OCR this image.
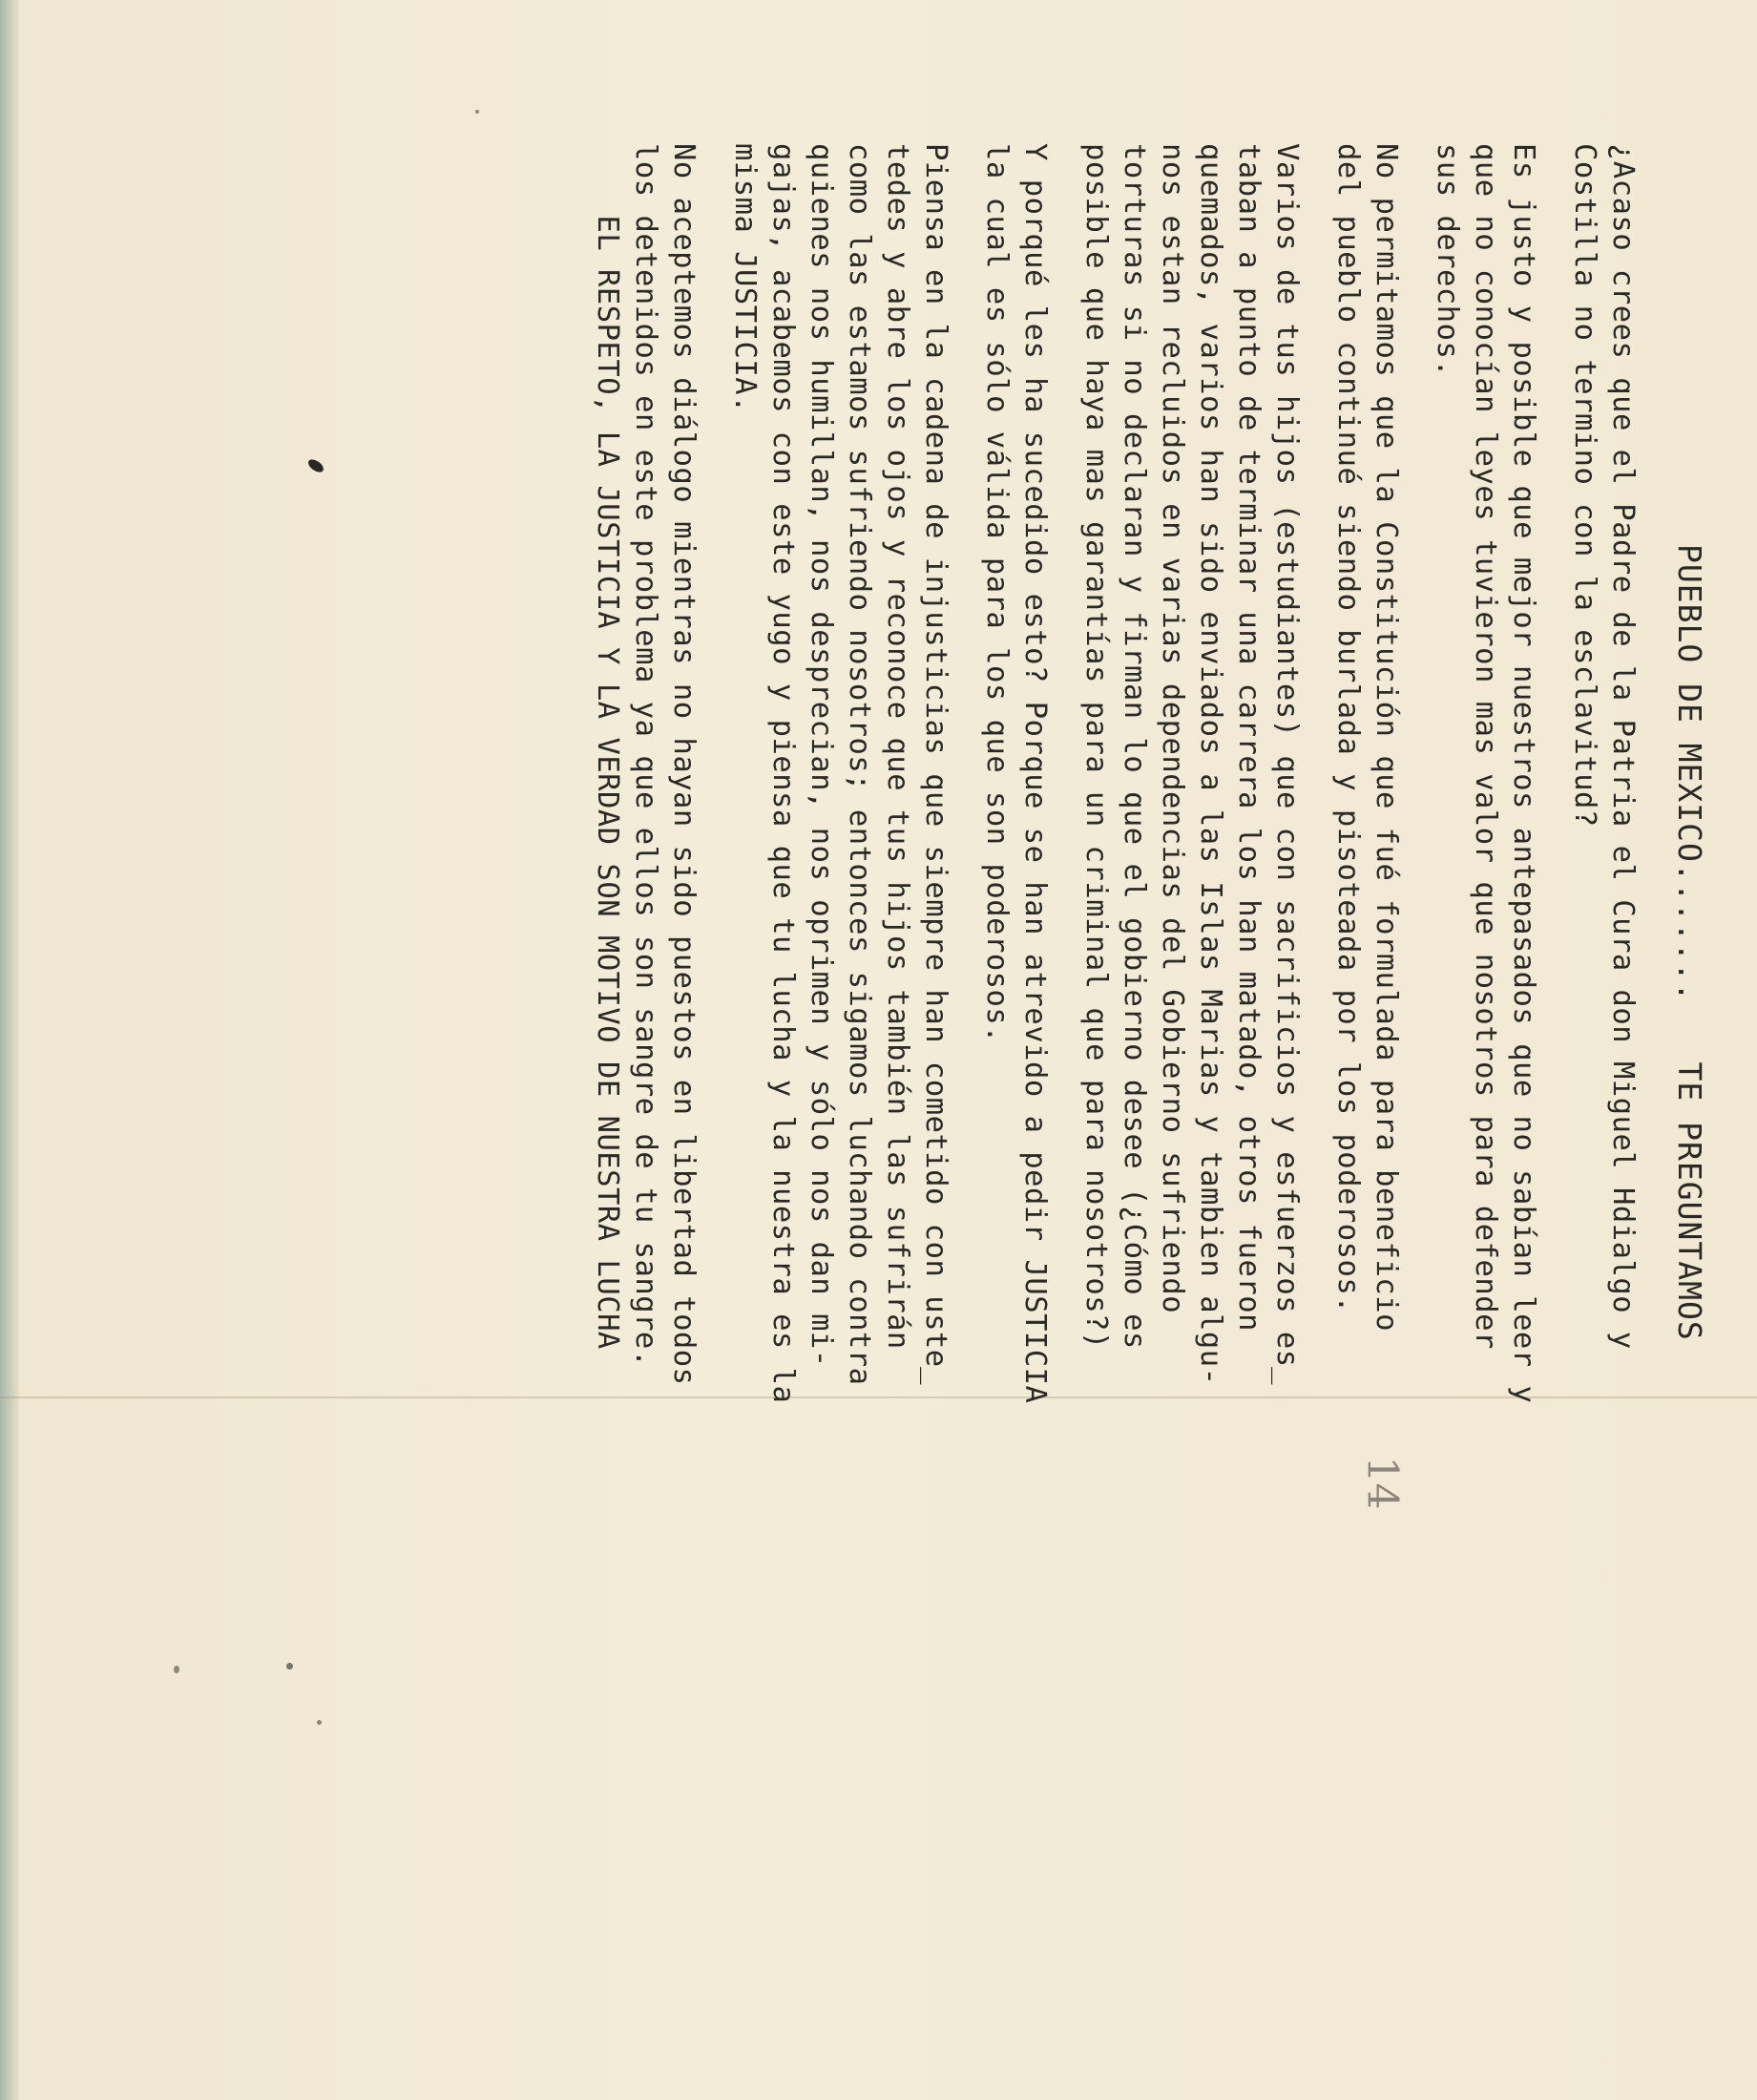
PUEBLO DE MEXICO.......   TE PREGUNTAMOS
¿Acaso crees que el Padre de la Patria el Cura don Miguel Hdialgo y
Costilla no termino con la esclavitud?
Es justo y posible que mejor nuestros antepasados que no sabían leer y
que no conocían leyes tuvieron mas valor que nosotros para defender
sus derechos.
No permitamos que la Constitución que fué formulada para beneficio
del pueblo continué siendo burlada y pisoteada por los poderosos.
Varios de tus hijos (estudiantes) que con sacrificios y esfuerzos es̲
taban a punto de terminar una carrera los han matado, otros fueron
quemados, varios han sido enviados a las Islas Marias y tambien algu-
nos estan recluidos en varias dependencias del Gobierno sufriendo
torturas si no declaran y firman lo que el gobierno desee (¿Cómo es
posible que haya mas garantías para un criminal que para nosotros?)
Y porqué les ha sucedido esto? Porque se han atrevido a pedir JUSTICIA
la cual es sólo válida para los que son poderosos.
Piensa en la cadena de injusticias que siempre han cometido con uste̲
tedes y abre los ojos y reconoce que tus hijos también las sufrirán
como las estamos sufriendo nosotros; entonces sigamos luchando contra
quienes nos humillan, nos desprecian, nos oprimen y sólo nos dan mi-
gajas, acabemos con este yugo y piensa que tu lucha y la nuestra es la
misma JUSTICIA.
No aceptemos diálogo mientras no hayan sido puestos en libertad todos
los detenidos en este problema ya que ellos son sangre de tu sangre.
EL RESPETO, LA JUSTICIA Y LA VERDAD SON MOTIVO DE NUESTRA LUCHA
14
